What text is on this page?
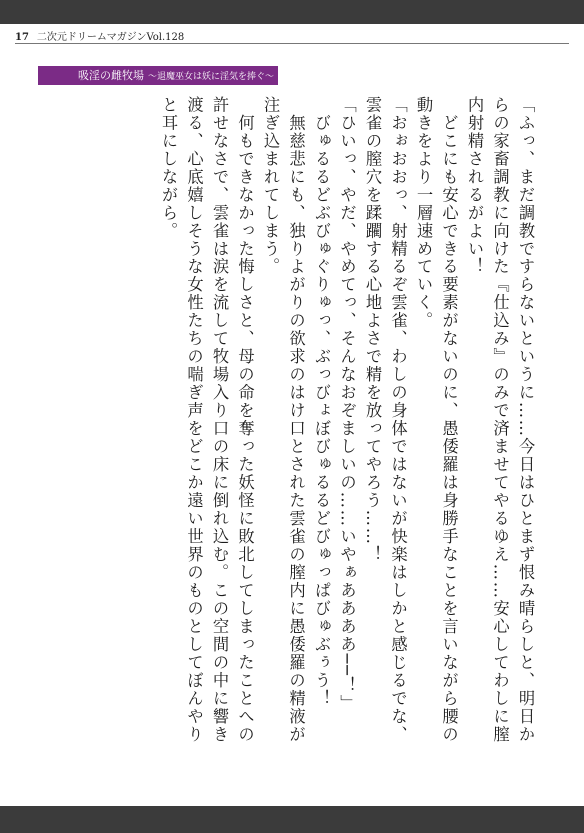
17 二次元ドリームマガジンVol.128
吸淫の雌牧場 ～退魔巫女は妖に淫気を捧ぐ～

「ふっ、まだ調教ですらないというに……今日はひとまず恨み晴らしと、明日からの家畜調教に向けた『仕込み』のみで済ませてやるゆえ……安心してわしに膣内射精されるがよい！

　どこにも安心できる要素がないのに、愚倭羅は身勝手なことを言いながら腰の動きをより一層速めていく。

「おぉおおっ、射精るぞ雲雀、わしの身体ではないが快楽はしかと感じるでな、雲雀の膣穴を蹂躙する心地よさで精を放ってやろう……！

「ひいっ、やだ、やめてっ、そんなおぞましいの……いやぁああああ──！」

　びゅるるどぶびゅぐりゅっ、ぶっびょぼびゅるるどびゅっぱびゅぶぅう！

　無慈悲にも、独りよがりの欲求のはけ口とされた雲雀の膣内に愚倭羅の精液が注ぎ込まれてしまう。

　何もできなかった悔しさと、母の命を奪った妖怪に敗北してしまったことへの許せなさで、雲雀は涙を流して牧場入り口の床に倒れ込む。この空間の中に響き渡る、心底嬉しそうな女性たちの喘ぎ声をどこか遠い世界のものとしてぼんやりと耳にしながら。
